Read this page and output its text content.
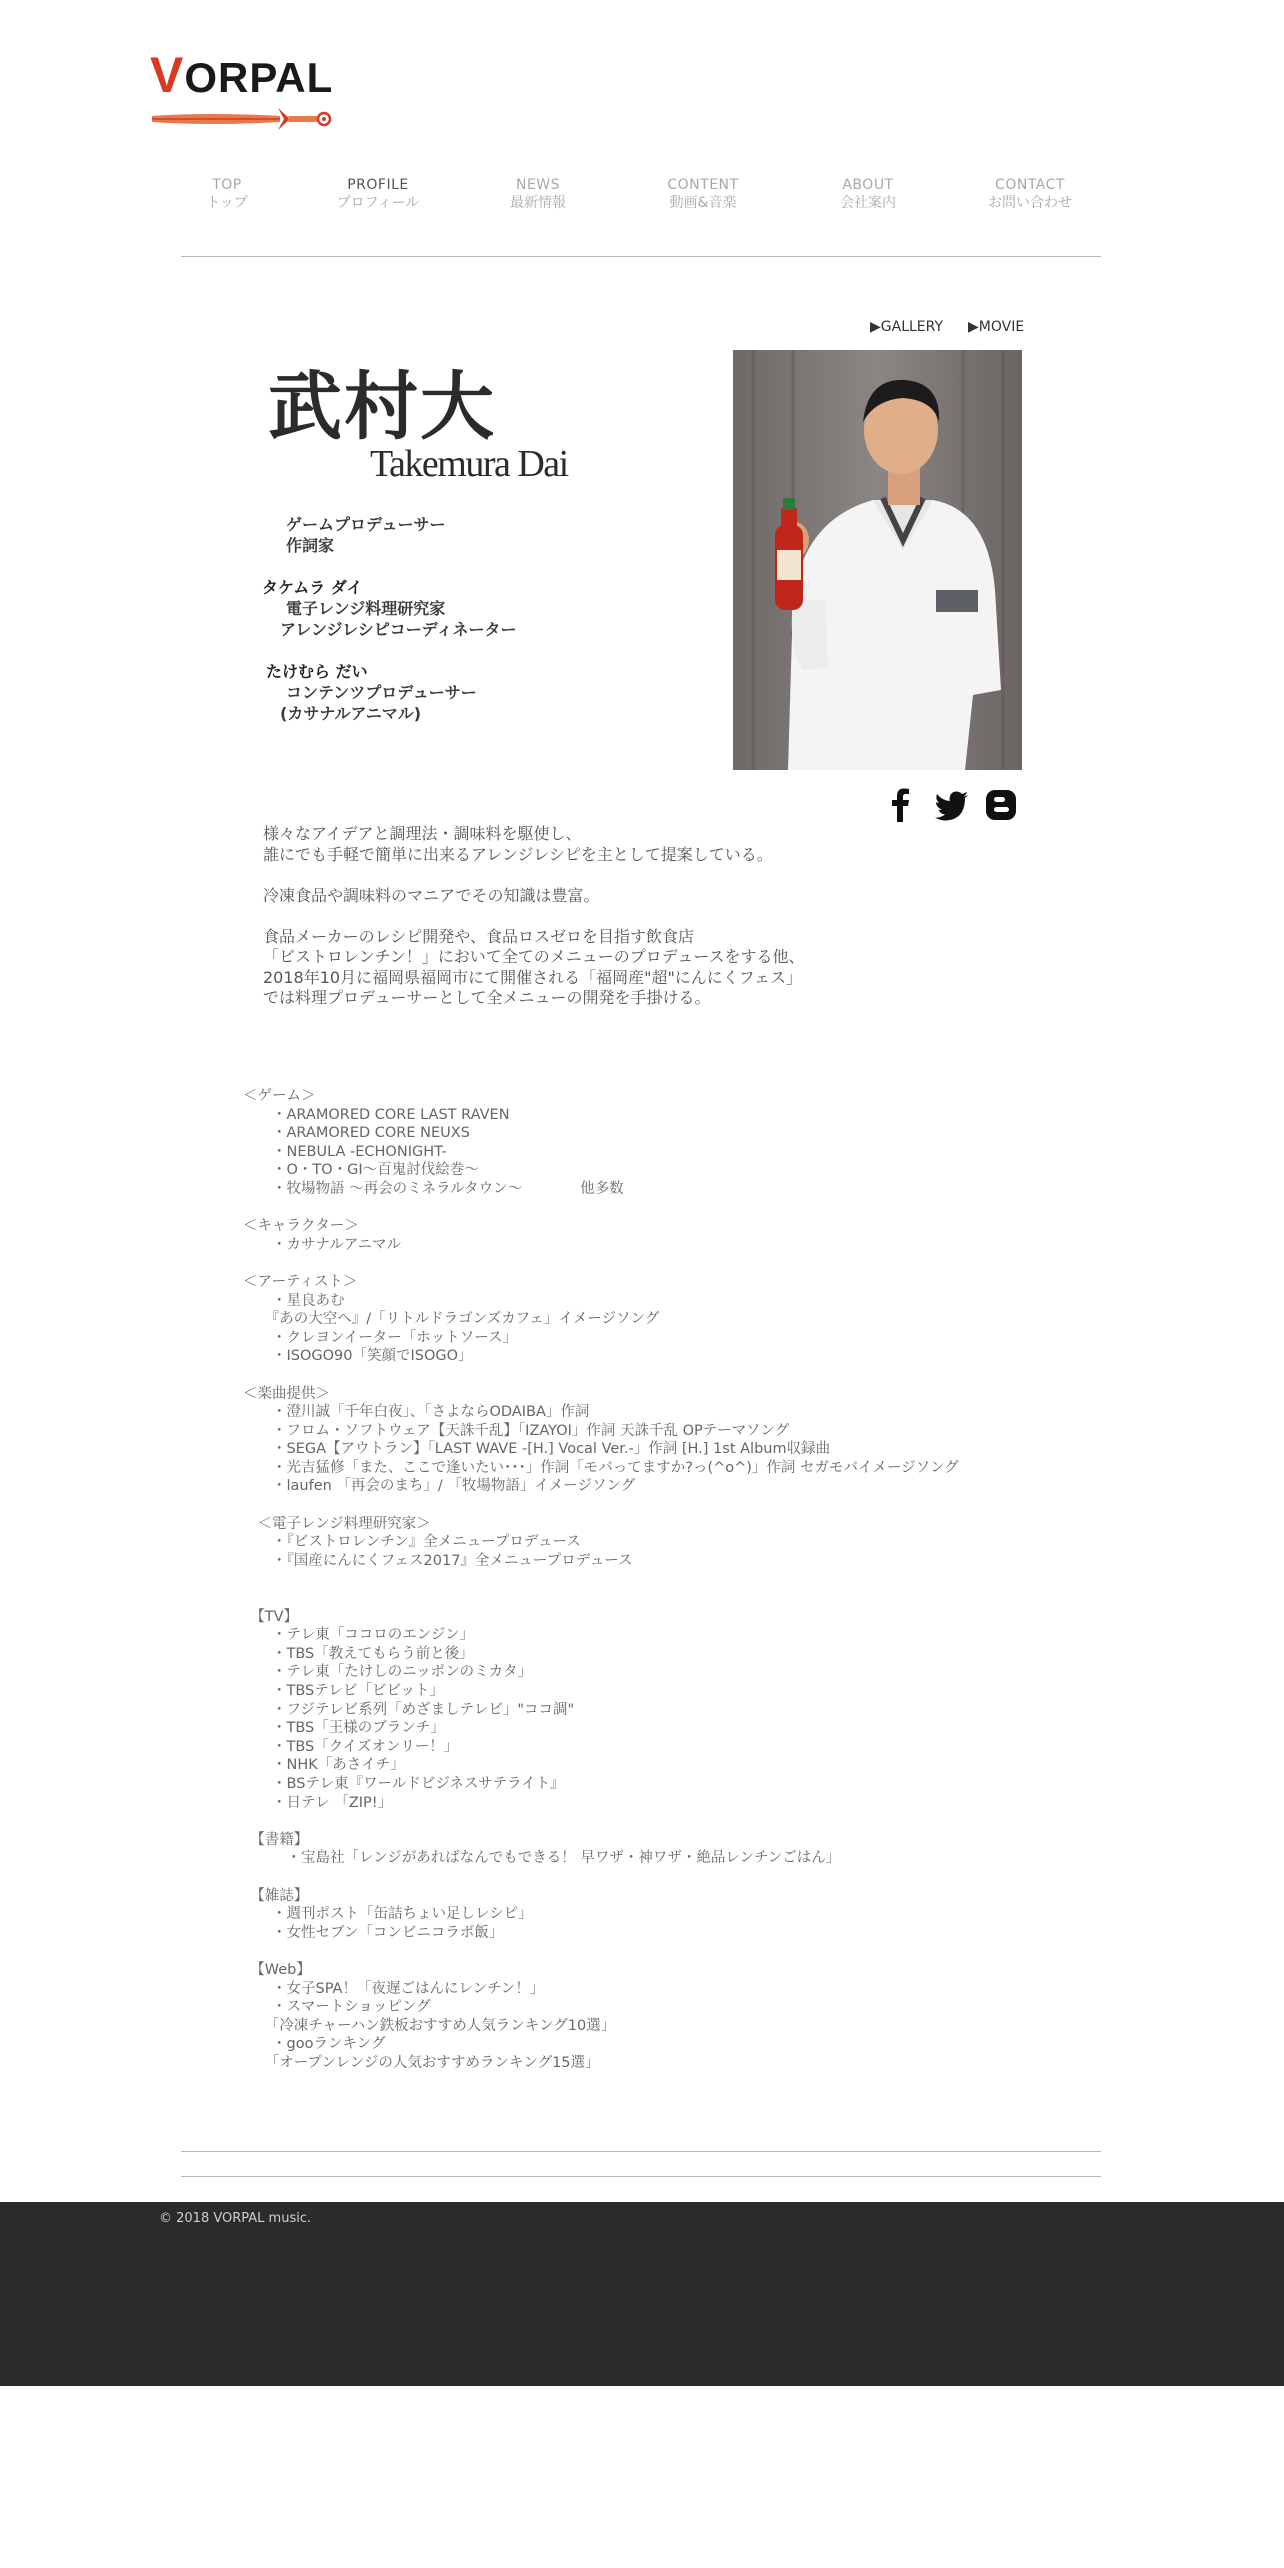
VORPAL
TOP
トップ
PROFILE
プロフィール
NEWS
最新情報
CONTENT
動画&音楽
ABOUT
会社案内
CONTACT
お問い合わせ
▶GALLERY ▶MOVIE
武村大
Takemura Dai
ゲームプロデューサー
作詞家
タケムラ ダイ
電子レンジ料理研究家
アレンジレシピコーディネーター
たけむら だい
コンテンツプロデューサー
(カサナルアニマル)

様々なアイデアと調理法・調味料を駆使し、
誰にでも手軽で簡単に出来るアレンジレシピを主として提案している。

冷凍食品や調味料のマニアでその知識は豊富。

食品メーカーのレシピ開発や、食品ロスゼロを目指す飲食店
「ビストロレンチン！」において全てのメニューのプロデュースをする他、
2018年10月に福岡県福岡市にて開催される「福岡産"超"にんにくフェス」
では料理プロデューサーとして全メニューの開発を手掛ける。

＜ゲーム＞
　　・ARAMORED CORE LAST RAVEN
　　・ARAMORED CORE NEUXS
　　・NEBULA -ECHONIGHT-
　　・O・TO・GI〜百鬼討伐絵巻〜
　　・牧場物語 〜再会のミネラルタウン〜　　　　他多数
＜キャラクター＞
　　・カサナルアニマル
＜アーティスト＞
　　・星良あむ
　　『あの大空へ』/「リトルドラゴンズカフェ」イメージソング
　　・クレヨンイーター「ホットソース」
　　・ISOGO90「笑顔でISOGO」
＜楽曲提供＞
　　・澄川誠「千年白夜」、「さよならODAIBA」作詞
　　・フロム・ソフトウェア【天誅千乱】「IZAYOI」作詞 天誅千乱 OPテーマソング
　　・SEGA【アウトラン】「LAST WAVE -[H.] Vocal Ver.-」作詞 [H.] 1st Album収録曲
　　・光吉猛修「また、ここで逢いたい･･･」作詞「モバってますか?っ(^o^)」作詞 セガモバイメージソング
　　・laufen 「再会のまち」/ 「牧場物語」イメージソング
　＜電子レンジ料理研究家＞
　　・『ビストロレンチン』全メニュープロデュース
　　・『国産にんにくフェス2017』全メニュープロデュース
　【TV】
　　・テレ東「ココロのエンジン」
　　・TBS「教えてもらう前と後」
　　・テレ東「たけしのニッポンのミカタ」
　　・TBSテレビ「ビビット」
　　・フジテレビ系列「めざましテレビ」"ココ調"
　　・TBS「王様のブランチ」
　　・TBS「クイズオンリー！」
　　・NHK「あさイチ」
　　・BSテレ東『ワールドビジネスサテライト』
　　・日テレ 「ZIP!」
　【書籍】
　　　・宝島社「レンジがあればなんでもできる！ 早ワザ・神ワザ・絶品レンチンごはん」
　【雑誌】
　　・週刊ポスト「缶詰ちょい足しレシピ」
　　・女性セブン「コンビニコラボ飯」
　【Web】
　　・女子SPA！「夜遅ごはんにレンチン！」
　　・スマートショッピング
　　「冷凍チャーハン鉄板おすすめ人気ランキング10選」
　　・gooランキング
　　「オープンレンジの人気おすすめランキング15選」
© 2018 VORPAL music.
